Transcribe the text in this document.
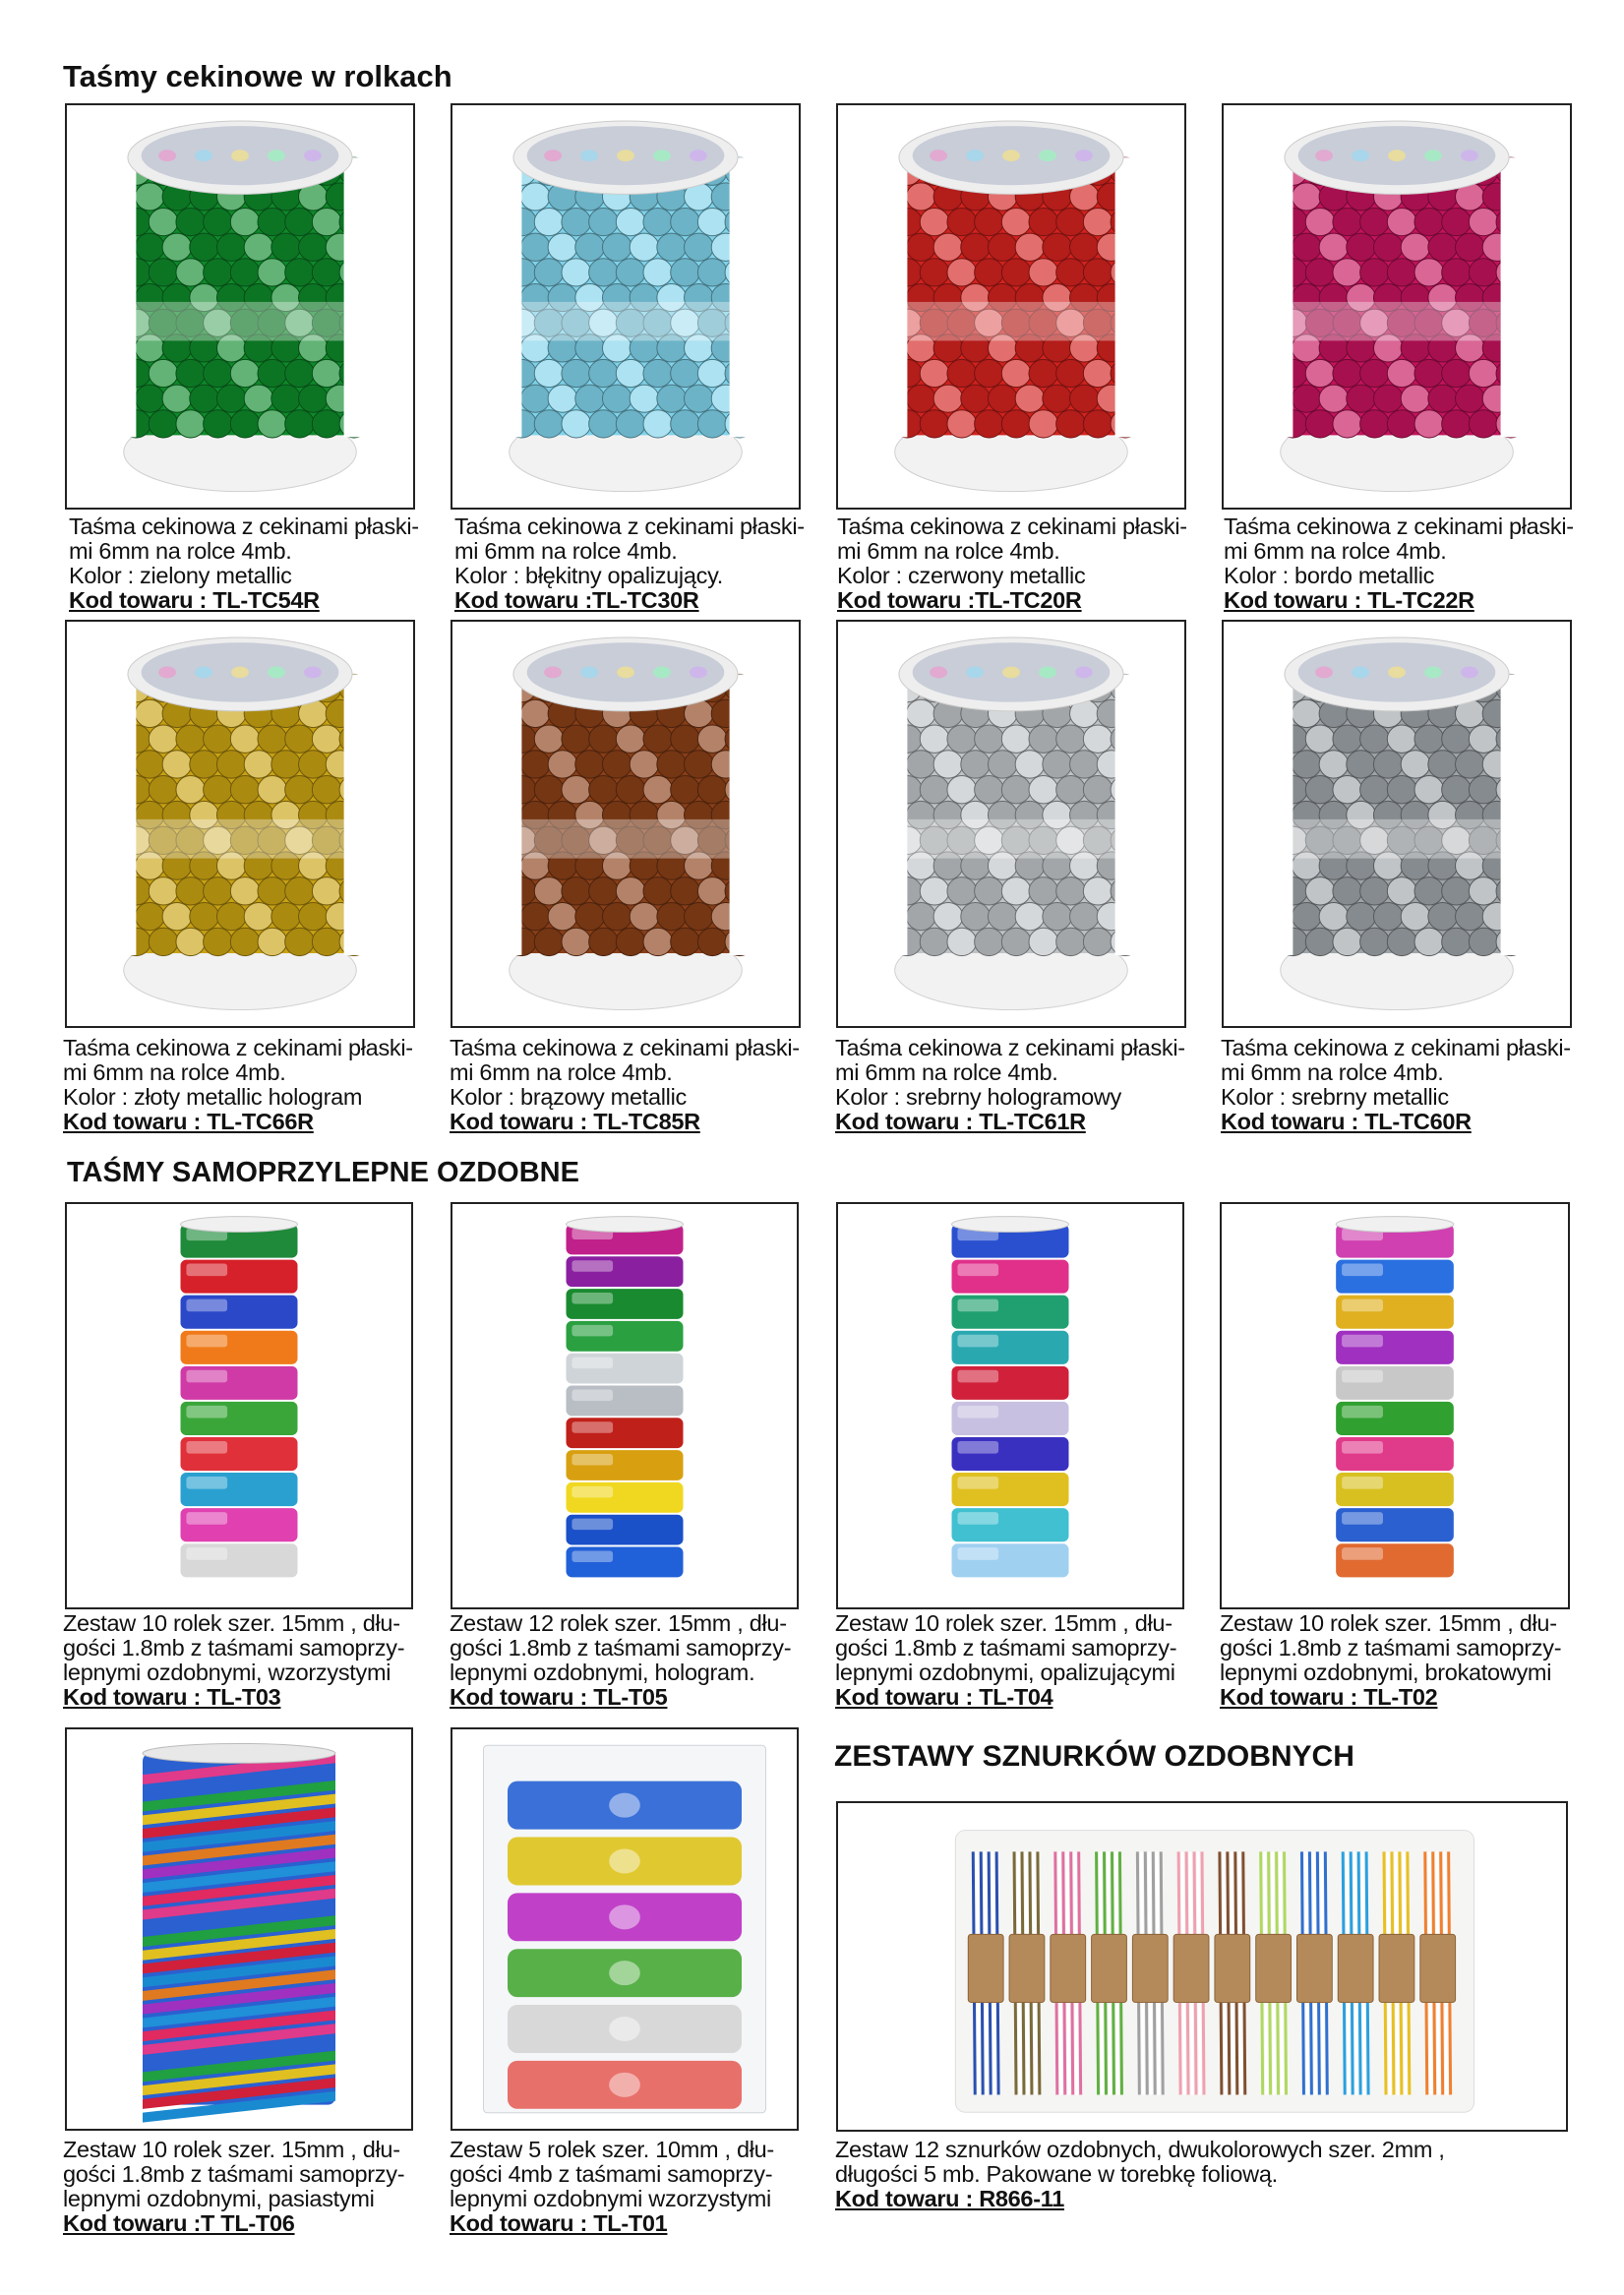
Taśmy cekinowe w rolkach
TAŚMY SAMOPRZYLEPNE OZDOBNE
ZESTAWY SZNURKÓW OZDOBNYCH
Taśma cekinowa z cekinami płaski-
mi 6mm na rolce 4mb.
Kolor : zielony metallic
Kod towaru : TL-TC54R
Taśma cekinowa z cekinami płaski-
mi 6mm na rolce 4mb.
Kolor : błękitny opalizujący.
Kod towaru :TL-TC30R
Taśma cekinowa z cekinami płaski-
mi 6mm na rolce 4mb.
Kolor : czerwony metallic
Kod towaru :TL-TC20R
Taśma cekinowa z cekinami płaski-
mi 6mm na rolce 4mb.
Kolor : bordo metallic
Kod towaru : TL-TC22R
Taśma cekinowa z cekinami płaski-
mi 6mm na rolce 4mb.
Kolor : złoty metallic hologram
Kod towaru : TL-TC66R
Taśma cekinowa z cekinami płaski-
mi 6mm na rolce 4mb.
Kolor : brązowy metallic
Kod towaru : TL-TC85R
Taśma cekinowa z cekinami płaski-
mi 6mm na rolce 4mb.
Kolor : srebrny hologramowy
Kod towaru : TL-TC61R
Taśma cekinowa z cekinami płaski-
mi 6mm na rolce 4mb.
Kolor : srebrny metallic
Kod towaru : TL-TC60R
Zestaw 10 rolek szer. 15mm , dłu-
gości 1.8mb z taśmami samoprzy-
lepnymi ozdobnymi, wzorzystymi
Kod towaru : TL-T03
Zestaw 12 rolek szer. 15mm , dłu-
gości 1.8mb z taśmami samoprzy-
lepnymi ozdobnymi, hologram.
Kod towaru : TL-T05
Zestaw 10 rolek szer. 15mm , dłu-
gości 1.8mb z taśmami samoprzy-
lepnymi ozdobnymi, opalizującymi
Kod towaru : TL-T04
Zestaw 10 rolek szer. 15mm , dłu-
gości 1.8mb z taśmami samoprzy-
lepnymi ozdobnymi, brokatowymi
Kod towaru : TL-T02
Zestaw 10 rolek szer. 15mm , dłu-
gości 1.8mb z taśmami samoprzy-
lepnymi ozdobnymi, pasiastymi
Kod towaru :T TL-T06
Zestaw 5 rolek szer. 10mm , dłu-
gości 4mb z taśmami samoprzy-
lepnymi ozdobnymi wzorzystymi
Kod towaru : TL-T01
Zestaw 12 sznurków ozdobnych, dwukolorowych szer. 2mm ,
długości 5 mb. Pakowane w torebkę foliową.
Kod towaru : R866-11
